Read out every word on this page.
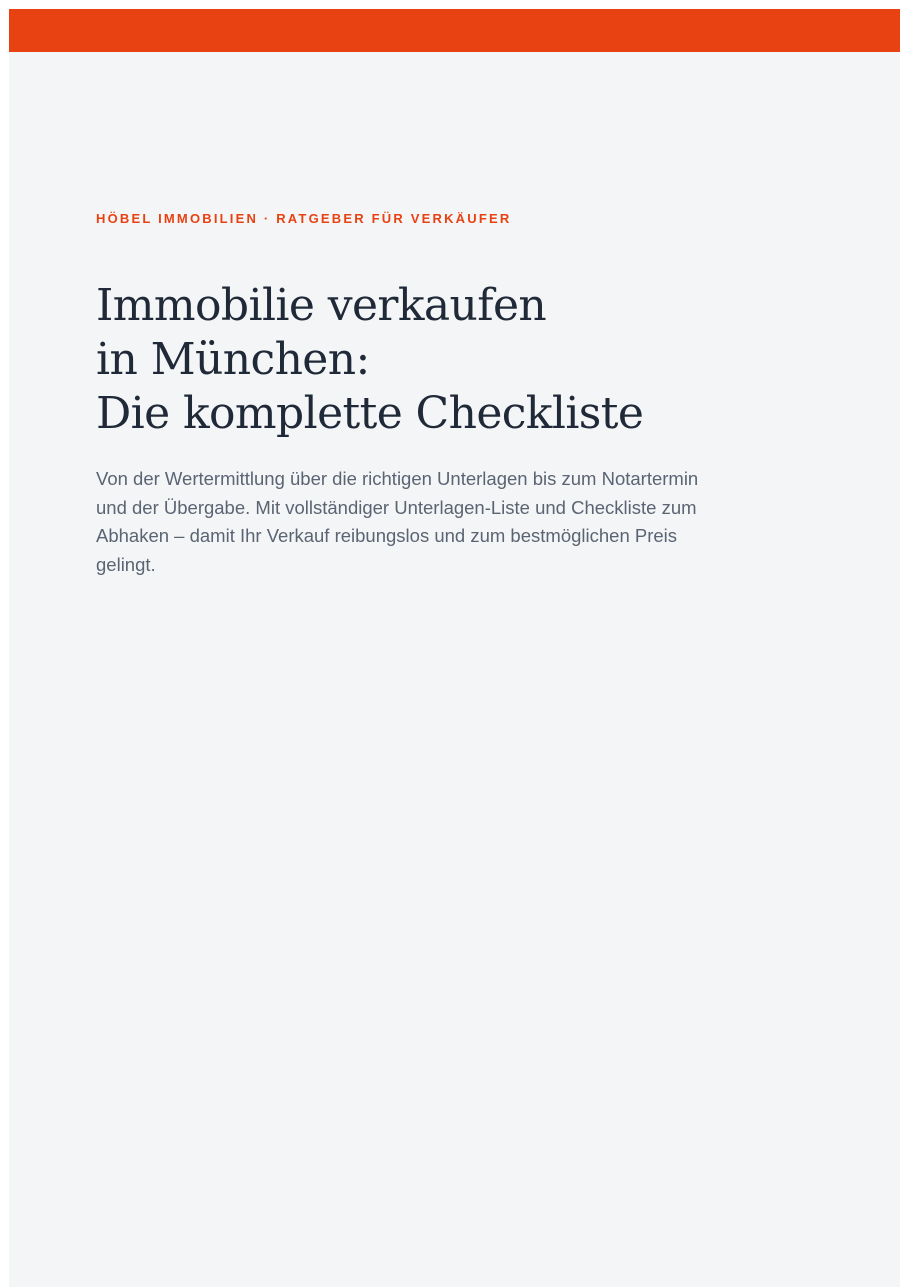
HÖBEL IMMOBILIEN · RATGEBER FÜR VERKÄUFER

Immobilie verkaufen
in München:
Die komplette Checkliste

Von der Wertermittlung über die richtigen Unterlagen bis zum Notartermin und der Übergabe. Mit vollständiger Unterlagen-Liste und Checkliste zum Abhaken – damit Ihr Verkauf reibungslos und zum bestmöglichen Preis gelingt.
